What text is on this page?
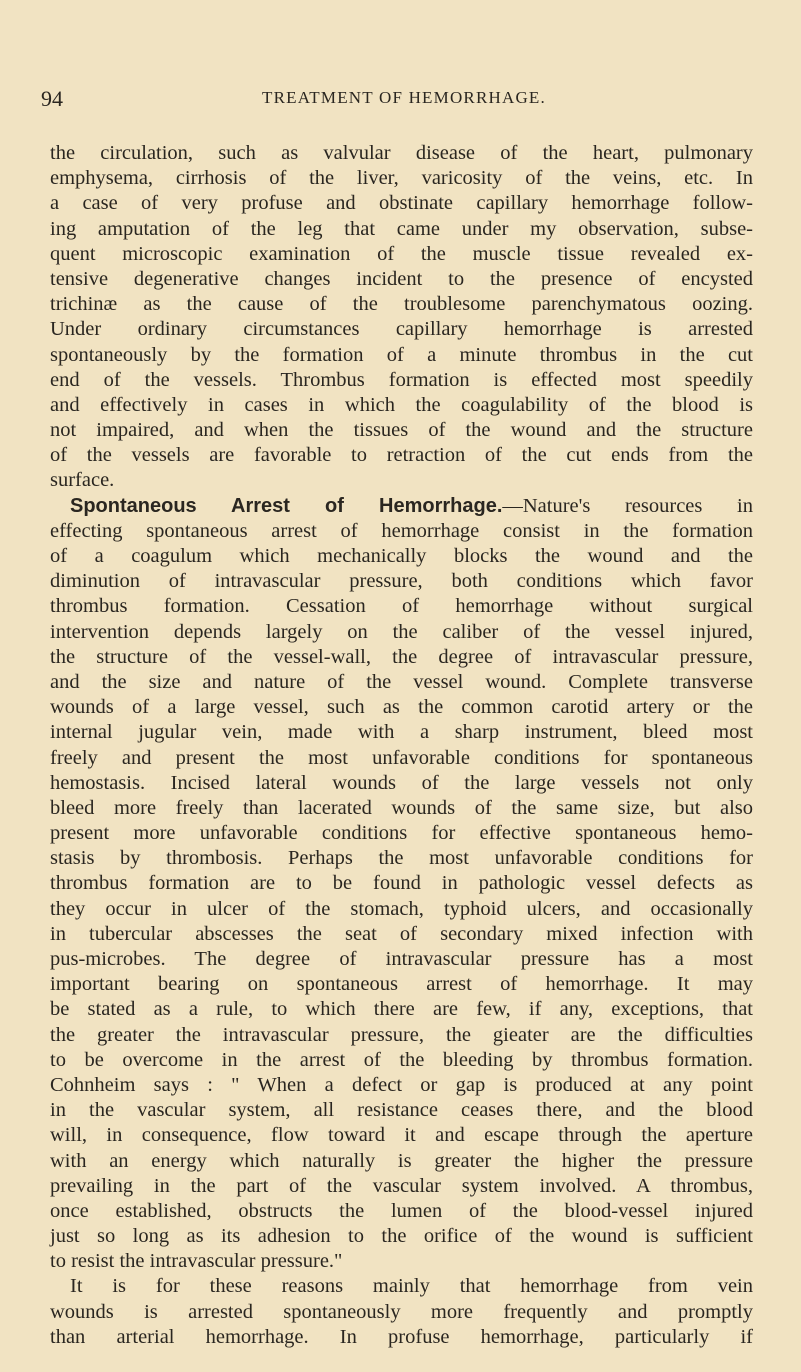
94	TREATMENT OF HEMORRHAGE.
the circulation, such as valvular disease of the heart, pulmonary
emphysema, cirrhosis of the liver, varicosity of the veins, etc. In
a case of very profuse and obstinate capillary hemorrhage follow-
ing amputation of the leg that came under my observation, subse-
quent microscopic examination of the muscle tissue revealed ex-
tensive degenerative changes incident to the presence of encysted
trichinæ as the cause of the troublesome parenchymatous oozing.
Under ordinary circumstances capillary hemorrhage is arrested
spontaneously by the formation of a minute thrombus in the cut
end of the vessels. Thrombus formation is effected most speedily
and effectively in cases in which the coagulability of the blood is
not impaired, and when the tissues of the wound and the structure
of the vessels are favorable to retraction of the cut ends from the
surface.
Spontaneous Arrest of Hemorrhage.—Nature's resources in
effecting spontaneous arrest of hemorrhage consist in the formation
of a coagulum which mechanically blocks the wound and the
diminution of intravascular pressure, both conditions which favor
thrombus formation. Cessation of hemorrhage without surgical
intervention depends largely on the caliber of the vessel injured,
the structure of the vessel-wall, the degree of intravascular pressure,
and the size and nature of the vessel wound. Complete transverse
wounds of a large vessel, such as the common carotid artery or the
internal jugular vein, made with a sharp instrument, bleed most
freely and present the most unfavorable conditions for spontaneous
hemostasis. Incised lateral wounds of the large vessels not only
bleed more freely than lacerated wounds of the same size, but also
present more unfavorable conditions for effective spontaneous hemo-
stasis by thrombosis. Perhaps the most unfavorable conditions for
thrombus formation are to be found in pathologic vessel defects as
they occur in ulcer of the stomach, typhoid ulcers, and occasionally
in tubercular abscesses the seat of secondary mixed infection with
pus-microbes. The degree of intravascular pressure has a most
important bearing on spontaneous arrest of hemorrhage. It may
be stated as a rule, to which there are few, if any, exceptions, that
the greater the intravascular pressure, the gieater are the difficulties
to be overcome in the arrest of the bleeding by thrombus formation.
Cohnheim says : " When a defect or gap is produced at any point
in the vascular system, all resistance ceases there, and the blood
will, in consequence, flow toward it and escape through the aperture
with an energy which naturally is greater the higher the pressure
prevailing in the part of the vascular system involved. A thrombus,
once established, obstructs the lumen of the blood-vessel injured
just so long as its adhesion to the orifice of the wound is sufficient
to resist the intravascular pressure."
It is for these reasons mainly that hemorrhage from vein
wounds is arrested spontaneously more frequently and promptly
than arterial hemorrhage. In profuse hemorrhage, particularly if
